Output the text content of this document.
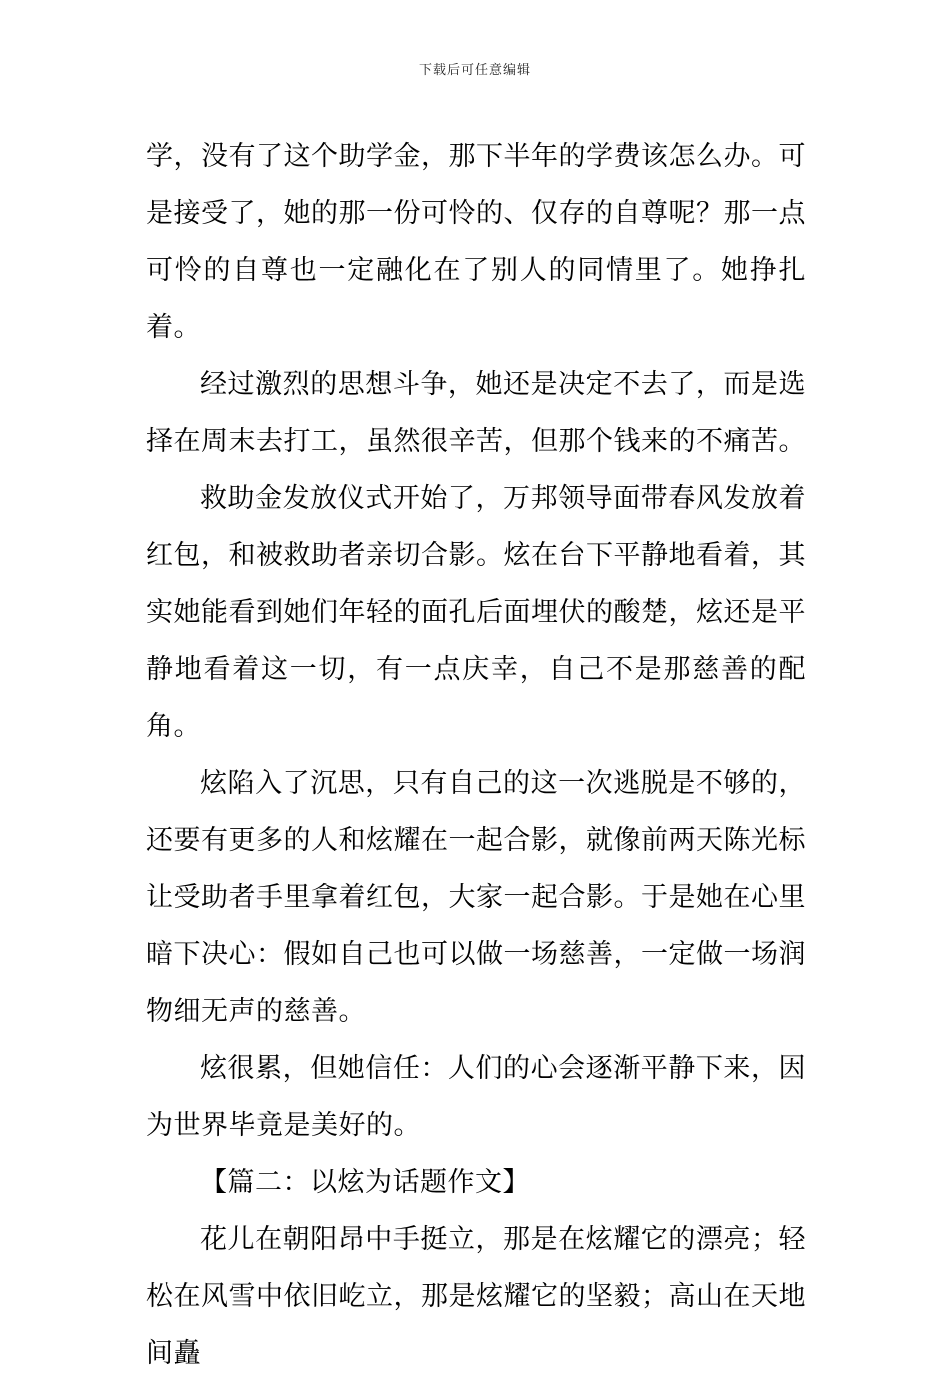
下载后可任意编辑

学，没有了这个助学金，那下半年的学费该怎么办。可是接受了，她的那一份可怜的、仅存的自尊呢？那一点可怜的自尊也一定融化在了别人的同情里了。她挣扎着。

经过激烈的思想斗争，她还是决定不去了，而是选择在周末去打工，虽然很辛苦，但那个钱来的不痛苦。

救助金发放仪式开始了，万邦领导面带春风发放着红包，和被救助者亲切合影。炫在台下平静地看着，其实她能看到她们年轻的面孔后面埋伏的酸楚，炫还是平静地看着这一切，有一点庆幸，自己不是那慈善的配角。

炫陷入了沉思，只有自己的这一次逃脱是不够的，还要有更多的人和炫耀在一起合影，就像前两天陈光标让受助者手里拿着红包，大家一起合影。于是她在心里暗下决心：假如自己也可以做一场慈善，一定做一场润物细无声的慈善。

炫很累，但她信任：人们的心会逐渐平静下来，因为世界毕竟是美好的。

【篇二：以炫为话题作文】

花儿在朝阳昂中手挺立，那是在炫耀它的漂亮；轻松在风雪中依旧屹立，那是炫耀它的坚毅；高山在天地间矗
